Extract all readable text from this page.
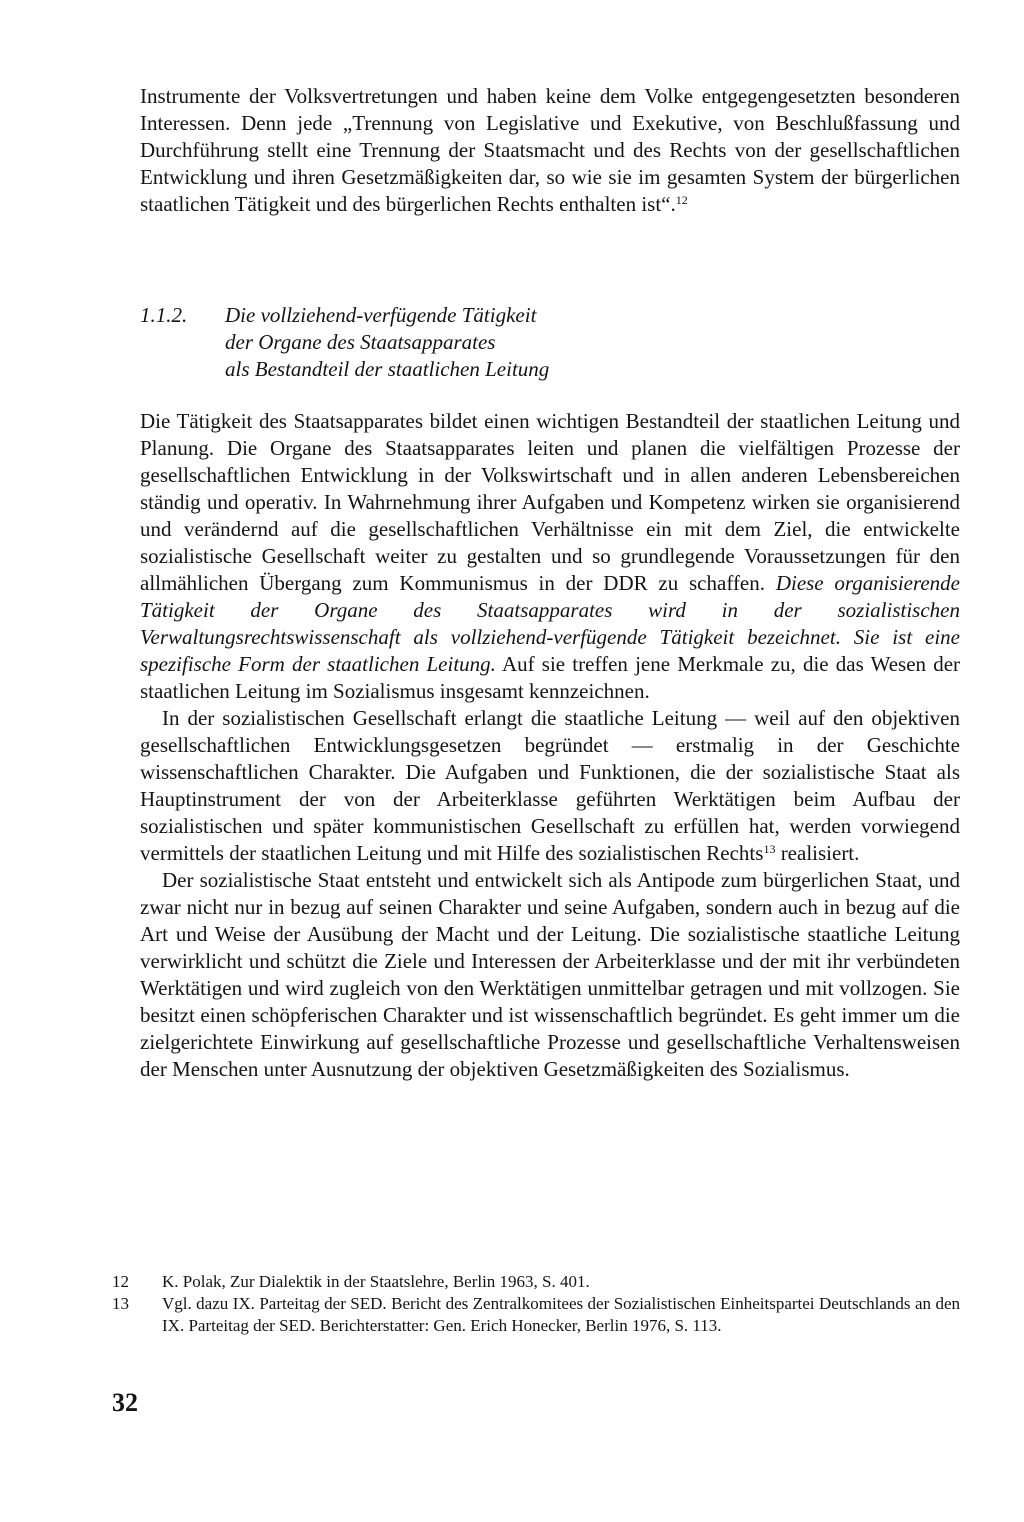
Instrumente der Volksvertretungen und haben keine dem Volke entgegengesetzten besonderen Interessen. Denn jede „Trennung von Legislative und Exekutive, von Beschlußfassung und Durchführung stellt eine Trennung der Staatsmacht und des Rechts von der gesellschaftlichen Entwicklung und ihren Gesetzmäßigkeiten dar, so wie sie im gesamten System der bürgerlichen staatlichen Tätigkeit und des bürgerlichen Rechts enthalten ist“.$^{12}$

1.1.2. Die vollziehend-verfügende Tätigkeit
der Organe des Staatsapparates
als Bestandteil der staatlichen Leitung

Die Tätigkeit des Staatsapparates bildet einen wichtigen Bestandteil der staatlichen Leitung und Planung. Die Organe des Staatsapparates leiten und planen die vielfältigen Prozesse der gesellschaftlichen Entwicklung in der Volkswirtschaft und in allen anderen Lebensbereichen ständig und operativ. In Wahrnehmung ihrer Aufgaben und Kompetenz wirken sie organisierend und verändernd auf die gesellschaftlichen Verhältnisse ein mit dem Ziel, die entwickelte sozialistische Gesellschaft weiter zu gestalten und so grundlegende Voraussetzungen für den allmählichen Übergang zum Kommunismus in der DDR zu schaffen. Diese organisierende Tätigkeit der Organe des Staatsapparates wird in der sozialistischen Verwaltungsrechtswissenschaft als vollziehend-verfügende Tätigkeit bezeichnet. Sie ist eine spezifische Form der staatlichen Leitung. Auf sie treffen jene Merkmale zu, die das Wesen der staatlichen Leitung im Sozialismus insgesamt kennzeichnen.

In der sozialistischen Gesellschaft erlangt die staatliche Leitung — weil auf den objektiven gesellschaftlichen Entwicklungsgesetzen begründet — erstmalig in der Geschichte wissenschaftlichen Charakter. Die Aufgaben und Funktionen, die der sozialistische Staat als Hauptinstrument der von der Arbeiterklasse geführten Werktätigen beim Aufbau der sozialistischen und später kommunistischen Gesellschaft zu erfüllen hat, werden vorwiegend vermittels der staatlichen Leitung und mit Hilfe des sozialistischen Rechts$^{13}$ realisiert.

Der sozialistische Staat entsteht und entwickelt sich als Antipode zum bürgerlichen Staat, und zwar nicht nur in bezug auf seinen Charakter und seine Aufgaben, sondern auch in bezug auf die Art und Weise der Ausübung der Macht und der Leitung. Die sozialistische staatliche Leitung verwirklicht und schützt die Ziele und Interessen der Arbeiterklasse und der mit ihr verbündeten Werktätigen und wird zugleich von den Werktätigen unmittelbar getragen und mit vollzogen. Sie besitzt einen schöpferischen Charakter und ist wissenschaftlich begründet. Es geht immer um die zielgerichtete Einwirkung auf gesellschaftliche Prozesse und gesellschaftliche Verhaltensweisen der Menschen unter Ausnutzung der objektiven Gesetzmäßigkeiten des Sozialismus.

12 K. Polak, Zur Dialektik in der Staatslehre, Berlin 1963, S. 401.

13 Vgl. dazu IX. Parteitag der SED. Bericht des Zentralkomitees der Sozialistischen Einheitspartei Deutschlands an den IX. Parteitag der SED. Berichterstatter: Gen. Erich Honecker, Berlin 1976, S. 113.

32
